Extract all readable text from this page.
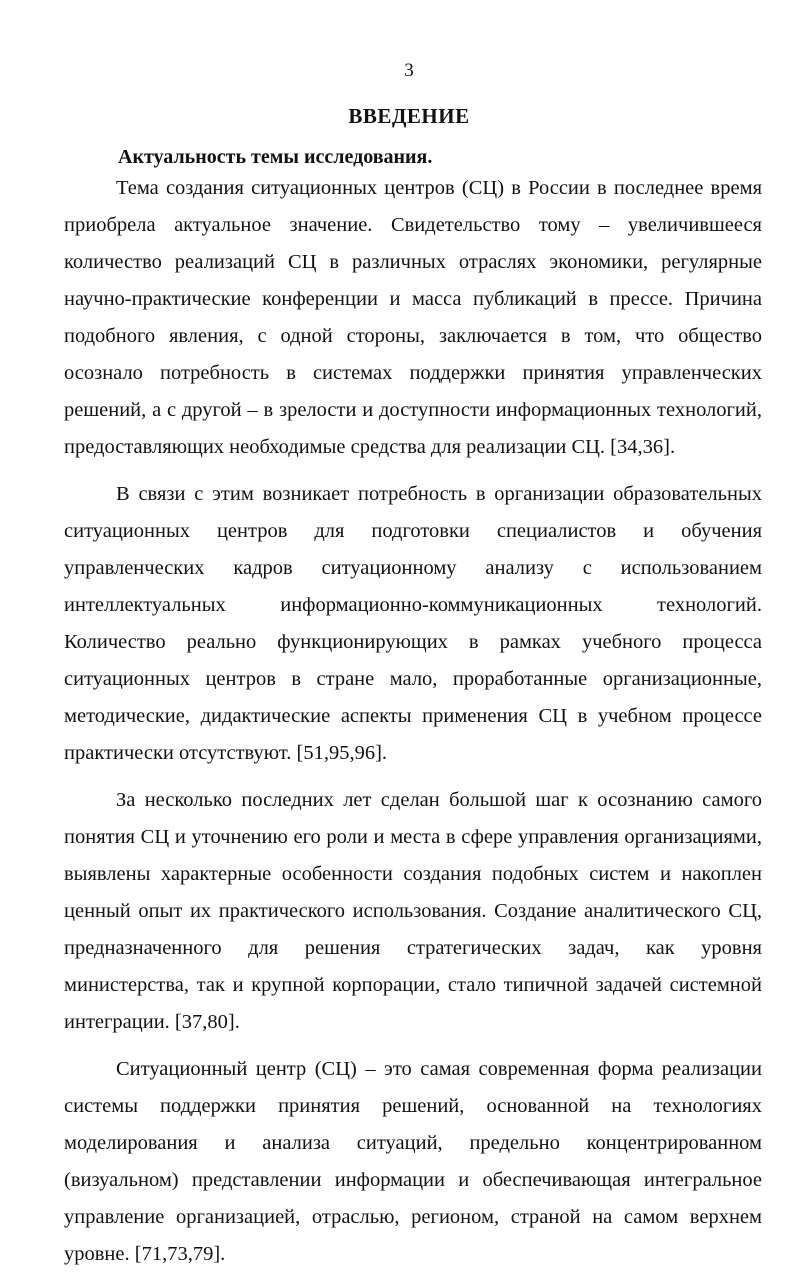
3
ВВЕДЕНИЕ
Актуальность темы исследования.

Тема создания ситуационных центров (СЦ) в России в последнее время приобрела актуальное значение. Свидетельство тому – увеличившееся количество реализаций СЦ в различных отраслях экономики, регулярные научно-практические конференции и масса публикаций в прессе. Причина подобного явления, с одной стороны, заключается в том, что общество осознало потребность в системах поддержки принятия управленческих решений, а с другой – в зрелости и доступности информационных технологий, предоставляющих необходимые средства для реализации СЦ. [34,36].

В связи с этим возникает потребность в организации образовательных ситуационных центров для подготовки специалистов и обучения управленческих кадров ситуационному анализу с использованием интеллектуальных информационно-коммуникационных технологий. Количество реально функционирующих в рамках учебного процесса ситуационных центров в стране мало, проработанные организационные, методические, дидактические аспекты применения СЦ в учебном процессе практически отсутствуют. [51,95,96].

За несколько последних лет сделан большой шаг к осознанию самого понятия СЦ и уточнению его роли и места в сфере управления организациями, выявлены характерные особенности создания подобных систем и накоплен ценный опыт их практического использования. Создание аналитического СЦ, предназначенного для решения стратегических задач, как уровня министерства, так и крупной корпорации, стало типичной задачей системной интеграции. [37,80].

Ситуационный центр (СЦ) – это самая современная форма реализации системы поддержки принятия решений, основанной на технологиях моделирования и анализа ситуаций, предельно концентрированном (визуальном) представлении информации и обеспечивающая интегральное управление организацией, отраслью, регионом, страной на самом верхнем уровне. [71,73,79].
